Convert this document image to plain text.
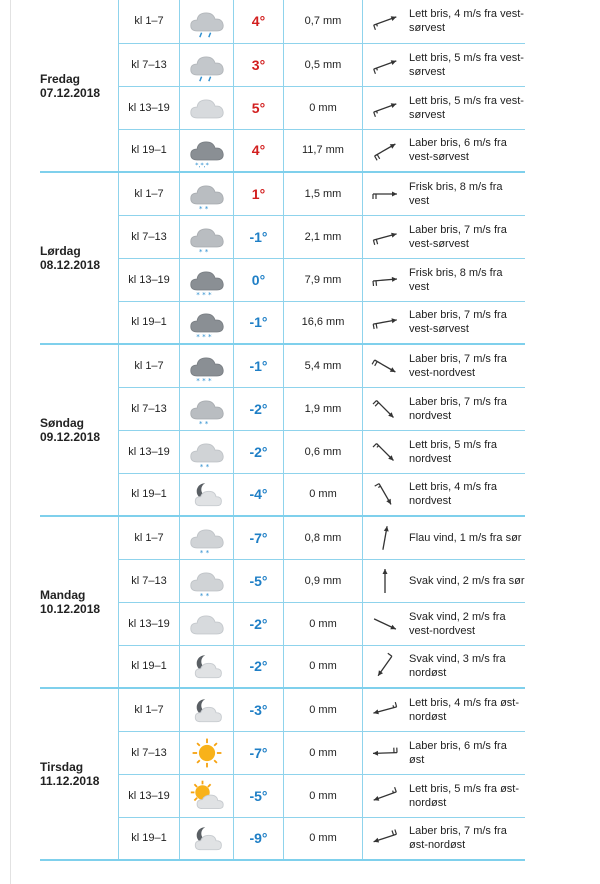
Fredag
07.12.2018	kl 1–7		4°	0,7 mm	Lett bris, 4 m/s fra vest-sørvest

	kl 7–13		3°	0,5 mm	Lett bris, 5 m/s fra vest-sørvest

	kl 13–19		5°	0 mm	Lett bris, 5 m/s fra vest-sørvest

	kl 19–1	*,*,*	4°	11,7 mm	Laber bris, 6 m/s fra vest-sørvest

Lørdag
08.12.2018	kl 1–7	* *	1°	1,5 mm	Frisk bris, 8 m/s fra vest

	kl 7–13	* *	-1°	2,1 mm	Laber bris, 7 m/s fra vest-sørvest

	kl 13–19	* * *	0°	7,9 mm	Frisk bris, 8 m/s fra vest

	kl 19–1	* * *	-1°	16,6 mm	Laber bris, 7 m/s fra vest-sørvest

Søndag
09.12.2018	kl 1–7	* * *	-1°	5,4 mm	Laber bris, 7 m/s fra vest-nordvest

	kl 7–13	* *	-2°	1,9 mm	Laber bris, 7 m/s fra nordvest

	kl 13–19	* *	-2°	0,6 mm	Lett bris, 5 m/s fra nordvest

	kl 19–1		-4°	0 mm	Lett bris, 4 m/s fra nordvest

Mandag
10.12.2018	kl 1–7	* *	-7°	0,8 mm	Flau vind, 1 m/s fra sør

	kl 7–13	* *	-5°	0,9 mm	Svak vind, 2 m/s fra sør

	kl 13–19		-2°	0 mm	Svak vind, 2 m/s fra vest-nordvest

	kl 19–1		-2°	0 mm	Svak vind, 3 m/s fra nordøst

Tirsdag
11.12.2018	kl 1–7		-3°	0 mm	Lett bris, 4 m/s fra øst-nordøst

	kl 7–13		-7°	0 mm	Laber bris, 6 m/s fra øst

	kl 13–19		-5°	0 mm	Lett bris, 5 m/s fra øst-nordøst

	kl 19–1		-9°	0 mm	Laber bris, 7 m/s fra øst-nordøst
